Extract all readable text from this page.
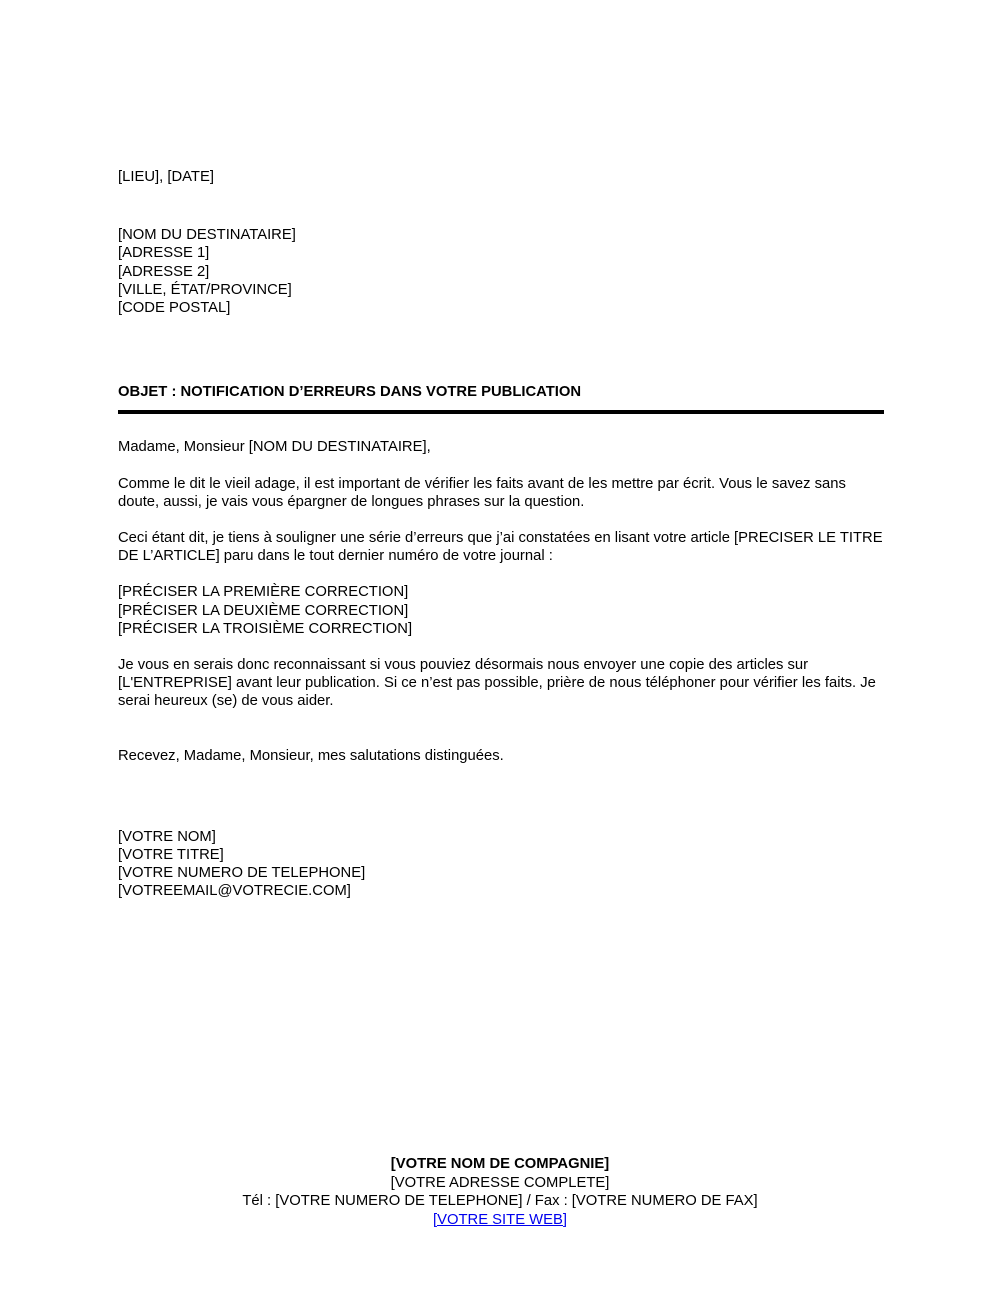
[LIEU], [DATE]
[NOM DU DESTINATAIRE]
[ADRESSE 1]
[ADRESSE 2]
[VILLE, ÉTAT/PROVINCE]
[CODE POSTAL]
OBJET : NOTIFICATION D’ERREURS DANS VOTRE PUBLICATION
Madame, Monsieur [NOM DU DESTINATAIRE],
Comme le dit le vieil adage, il est important de vérifier les faits avant de les mettre par écrit. Vous le savez sans doute, aussi, je vais vous épargner de longues phrases sur la question.
Ceci étant dit, je tiens à souligner une série d’erreurs que j’ai constatées en lisant votre article [PRECISER LE TITRE DE L’ARTICLE] paru dans le tout dernier numéro de votre journal :
[PRÉCISER LA PREMIÈRE CORRECTION]
[PRÉCISER LA DEUXIÈME CORRECTION]
[PRÉCISER LA TROISIÈME CORRECTION]
Je vous en serais donc reconnaissant si vous pouviez désormais nous envoyer une copie des articles sur [L'ENTREPRISE] avant leur publication. Si ce n’est pas possible, prière de nous téléphoner pour vérifier les faits. Je serai heureux (se) de vous aider.
Recevez, Madame, Monsieur, mes salutations distinguées.
[VOTRE NOM]
[VOTRE TITRE]
[VOTRE NUMERO DE TELEPHONE]
[VOTREEMAIL@VOTRECIE.COM]
[VOTRE NOM DE COMPAGNIE]
[VOTRE ADRESSE COMPLETE]
Tél : [VOTRE NUMERO DE TELEPHONE] / Fax : [VOTRE NUMERO DE FAX]
[VOTRE SITE WEB]
